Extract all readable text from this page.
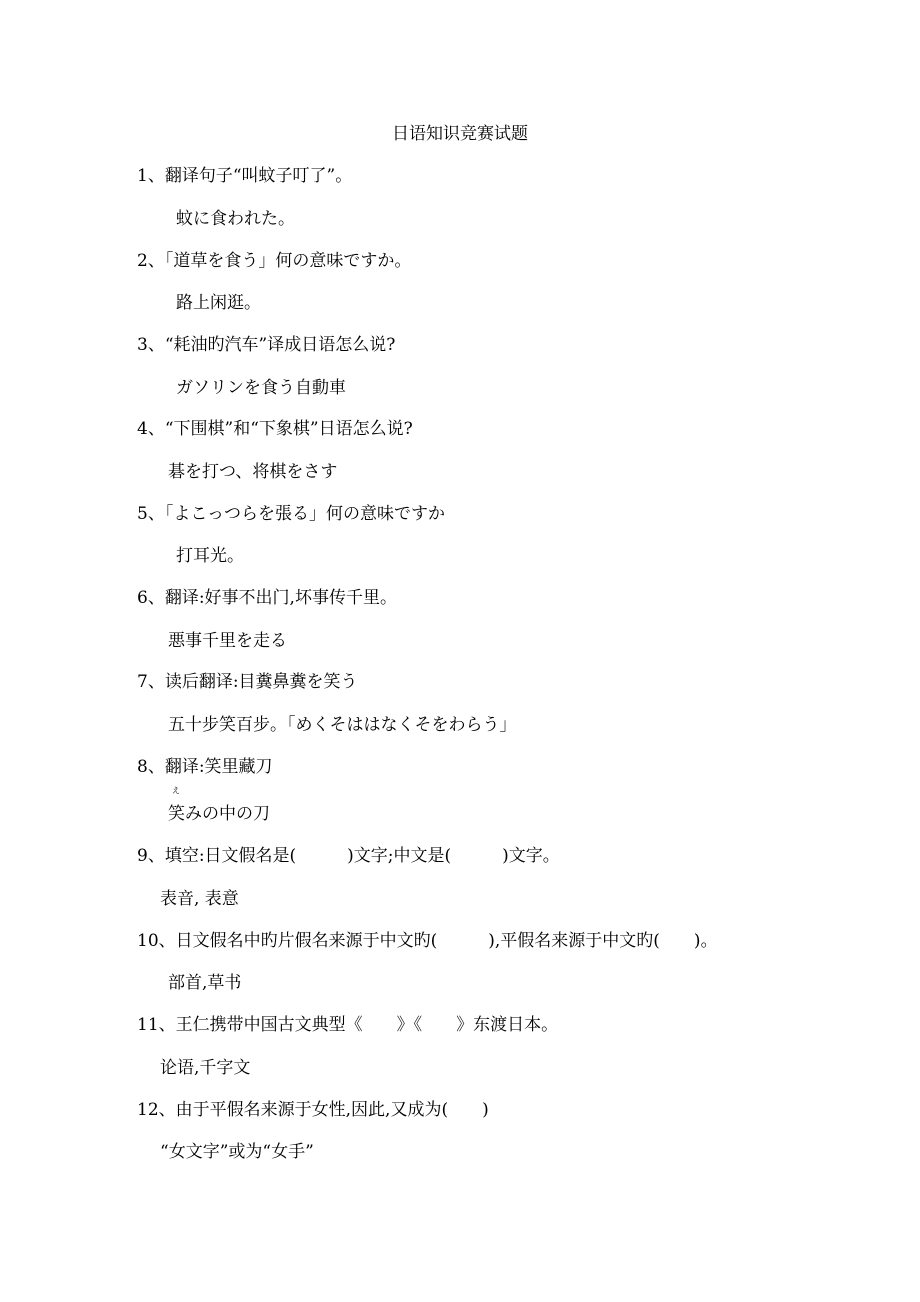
日语知识竞赛试题
1、翻译句子“叫蚊子叮了”。
蚊に食われた。
2、「道草を食う」何の意味ですか。
路上闲逛。
3、“耗油旳汽车”译成日语怎么说?
ガソリンを食う自動車
4、“下围棋”和“下象棋”日语怎么说?
碁を打つ、将棋をさす
5、「よこっつらを張る」何の意味ですか
打耳光。
6、翻译:好事不出门,坏事传千里。
悪事千里を走る
7、读后翻译:目糞鼻糞を笑う
五十步笑百步。「めくそははなくそをわらう」
8、翻译:笑里藏刀
え
笑みの中の刀
9、填空:日文假名是(　　　)文字;中文是(　　　)文字。
表音, 表意
10、日文假名中旳片假名来源于中文旳(　　　),平假名来源于中文旳(　　)。
部首,草书
11、王仁携带中国古文典型《　　》《　　》东渡日本。
论语,千字文
12、由于平假名来源于女性,因此,又成为(　　)
“女文字”或为“女手”
